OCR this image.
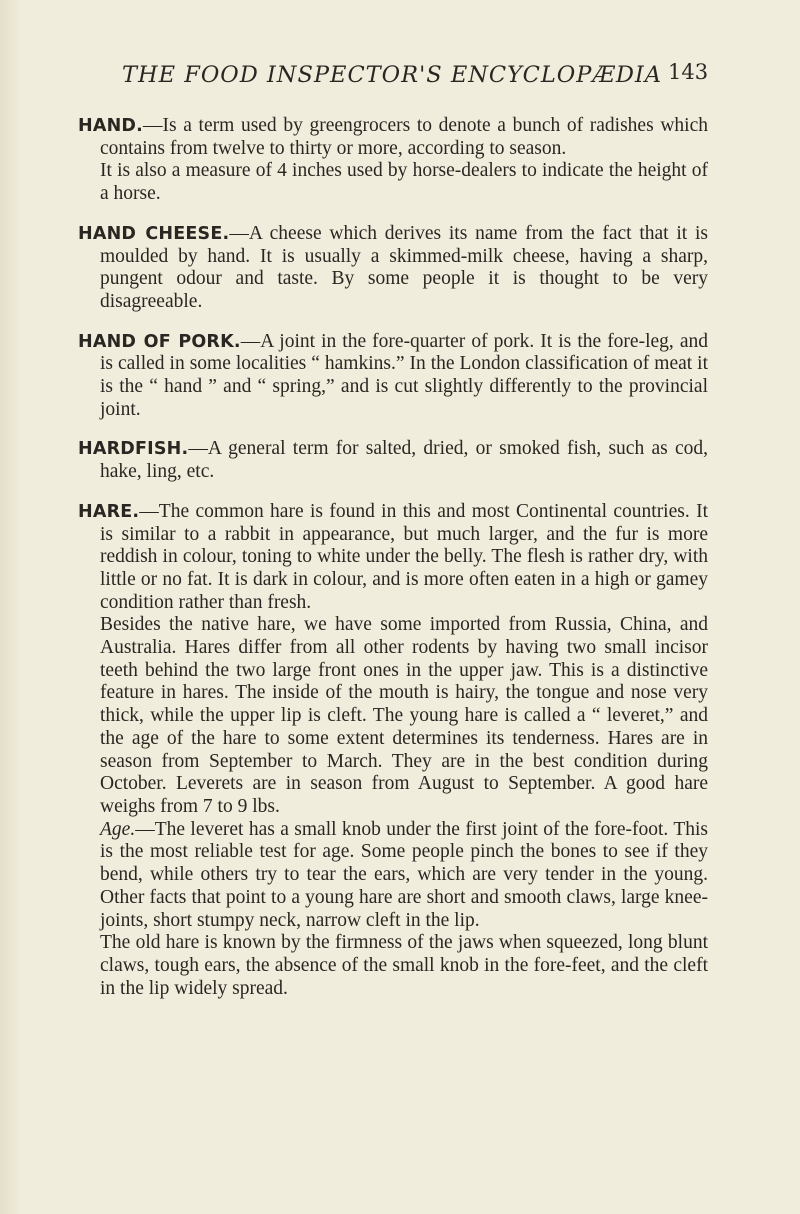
THE FOOD INSPECTOR'S ENCYCLOPÆDIA 143

HAND.—Is a term used by greengrocers to denote a bunch of radishes which contains from twelve to thirty or more, according to season.

It is also a measure of 4 inches used by horse-dealers to indicate the height of a horse.

HAND CHEESE.—A cheese which derives its name from the fact that it is moulded by hand. It is usually a skimmed-milk cheese, having a sharp, pungent odour and taste. By some people it is thought to be very disagreeable.

HAND OF PORK.—A joint in the fore-quarter of pork. It is the fore-leg, and is called in some localities “ hamkins.” In the London classification of meat it is the “ hand ” and “ spring,” and is cut slightly differently to the provincial joint.

HARDFISH.—A general term for salted, dried, or smoked fish, such as cod, hake, ling, etc.

HARE.—The common hare is found in this and most Continental countries. It is similar to a rabbit in appearance, but much larger, and the fur is more reddish in colour, toning to white under the belly. The flesh is rather dry, with little or no fat. It is dark in colour, and is more often eaten in a high or gamey condition rather than fresh.

Besides the native hare, we have some imported from Russia, China, and Australia. Hares differ from all other rodents by having two small incisor teeth behind the two large front ones in the upper jaw. This is a distinctive feature in hares. The inside of the mouth is hairy, the tongue and nose very thick, while the upper lip is cleft. The young hare is called a “ leveret,” and the age of the hare to some extent determines its tenderness. Hares are in season from September to March. They are in the best condition during October. Leverets are in season from August to September. A good hare weighs from 7 to 9 lbs.

Age.—The leveret has a small knob under the first joint of the fore-foot. This is the most reliable test for age. Some people pinch the bones to see if they bend, while others try to tear the ears, which are very tender in the young. Other facts that point to a young hare are short and smooth claws, large knee-joints, short stumpy neck, narrow cleft in the lip.

The old hare is known by the firmness of the jaws when squeezed, long blunt claws, tough ears, the absence of the small knob in the fore-feet, and the cleft in the lip widely spread.
